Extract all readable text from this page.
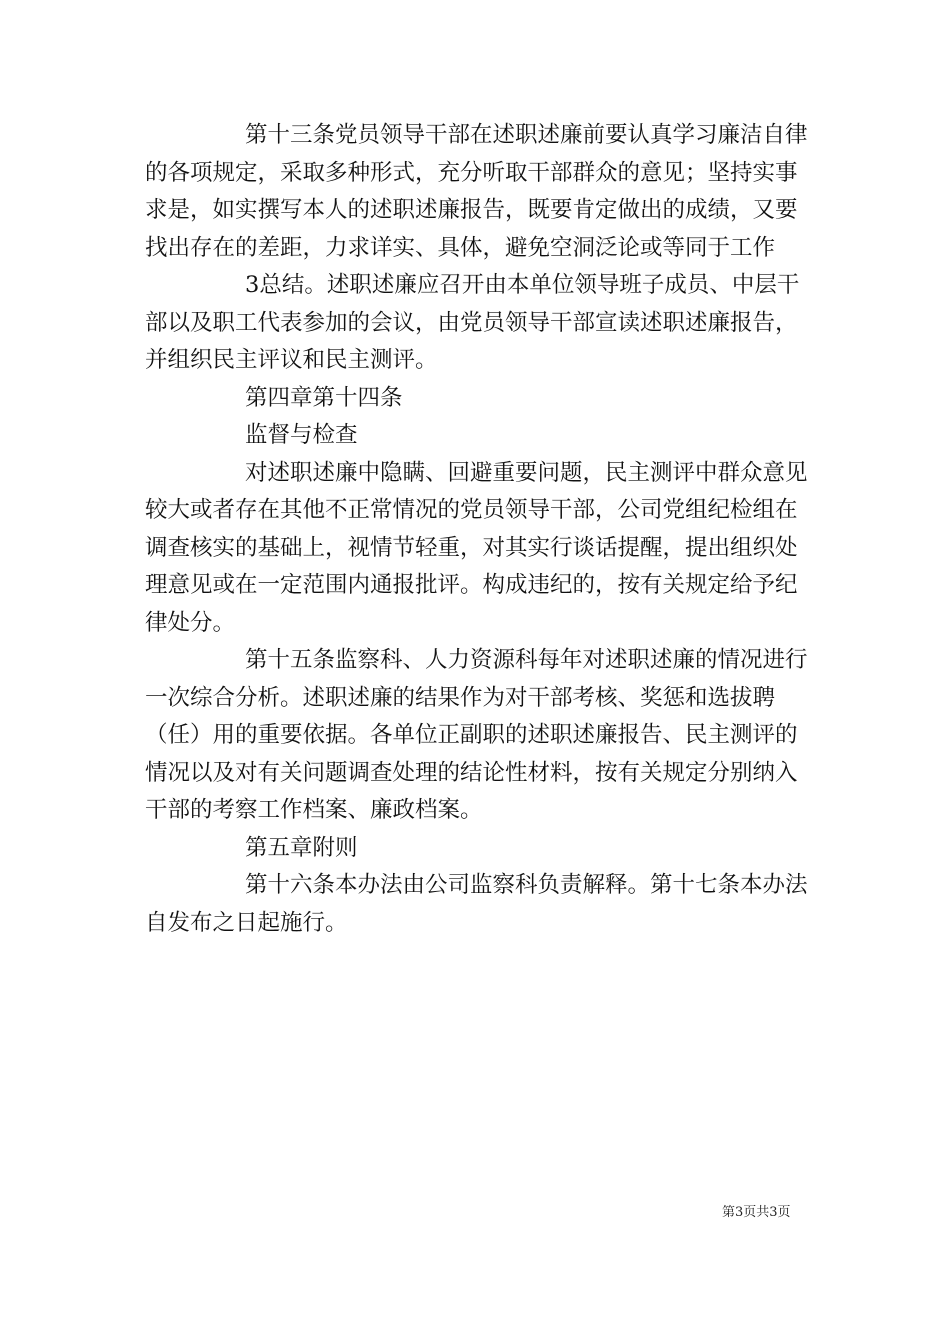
第十三条党员领导干部在述职述廉前要认真学习廉洁自律
的各项规定，采取多种形式，充分听取干部群众的意见；坚持实事
求是，如实撰写本人的述职述廉报告，既要肯定做出的成绩，又要
找出存在的差距，力求详实、具体，避免空洞泛论或等同于工作
3总结。述职述廉应召开由本单位领导班子成员、中层干
部以及职工代表参加的会议，由党员领导干部宣读述职述廉报告，
并组织民主评议和民主测评。
第四章第十四条
监督与检查
对述职述廉中隐瞒、回避重要问题，民主测评中群众意见
较大或者存在其他不正常情况的党员领导干部，公司党组纪检组在
调查核实的基础上，视情节轻重，对其实行谈话提醒，提出组织处
理意见或在一定范围内通报批评。构成违纪的，按有关规定给予纪
律处分。
第十五条监察科、人力资源科每年对述职述廉的情况进行
一次综合分析。述职述廉的结果作为对干部考核、奖惩和选拔聘
（任）用的重要依据。各单位正副职的述职述廉报告、民主测评的
情况以及对有关问题调查处理的结论性材料，按有关规定分别纳入
干部的考察工作档案、廉政档案。
第五章附则
第十六条本办法由公司监察科负责解释。第十七条本办法
自发布之日起施行。
第3页共3页
